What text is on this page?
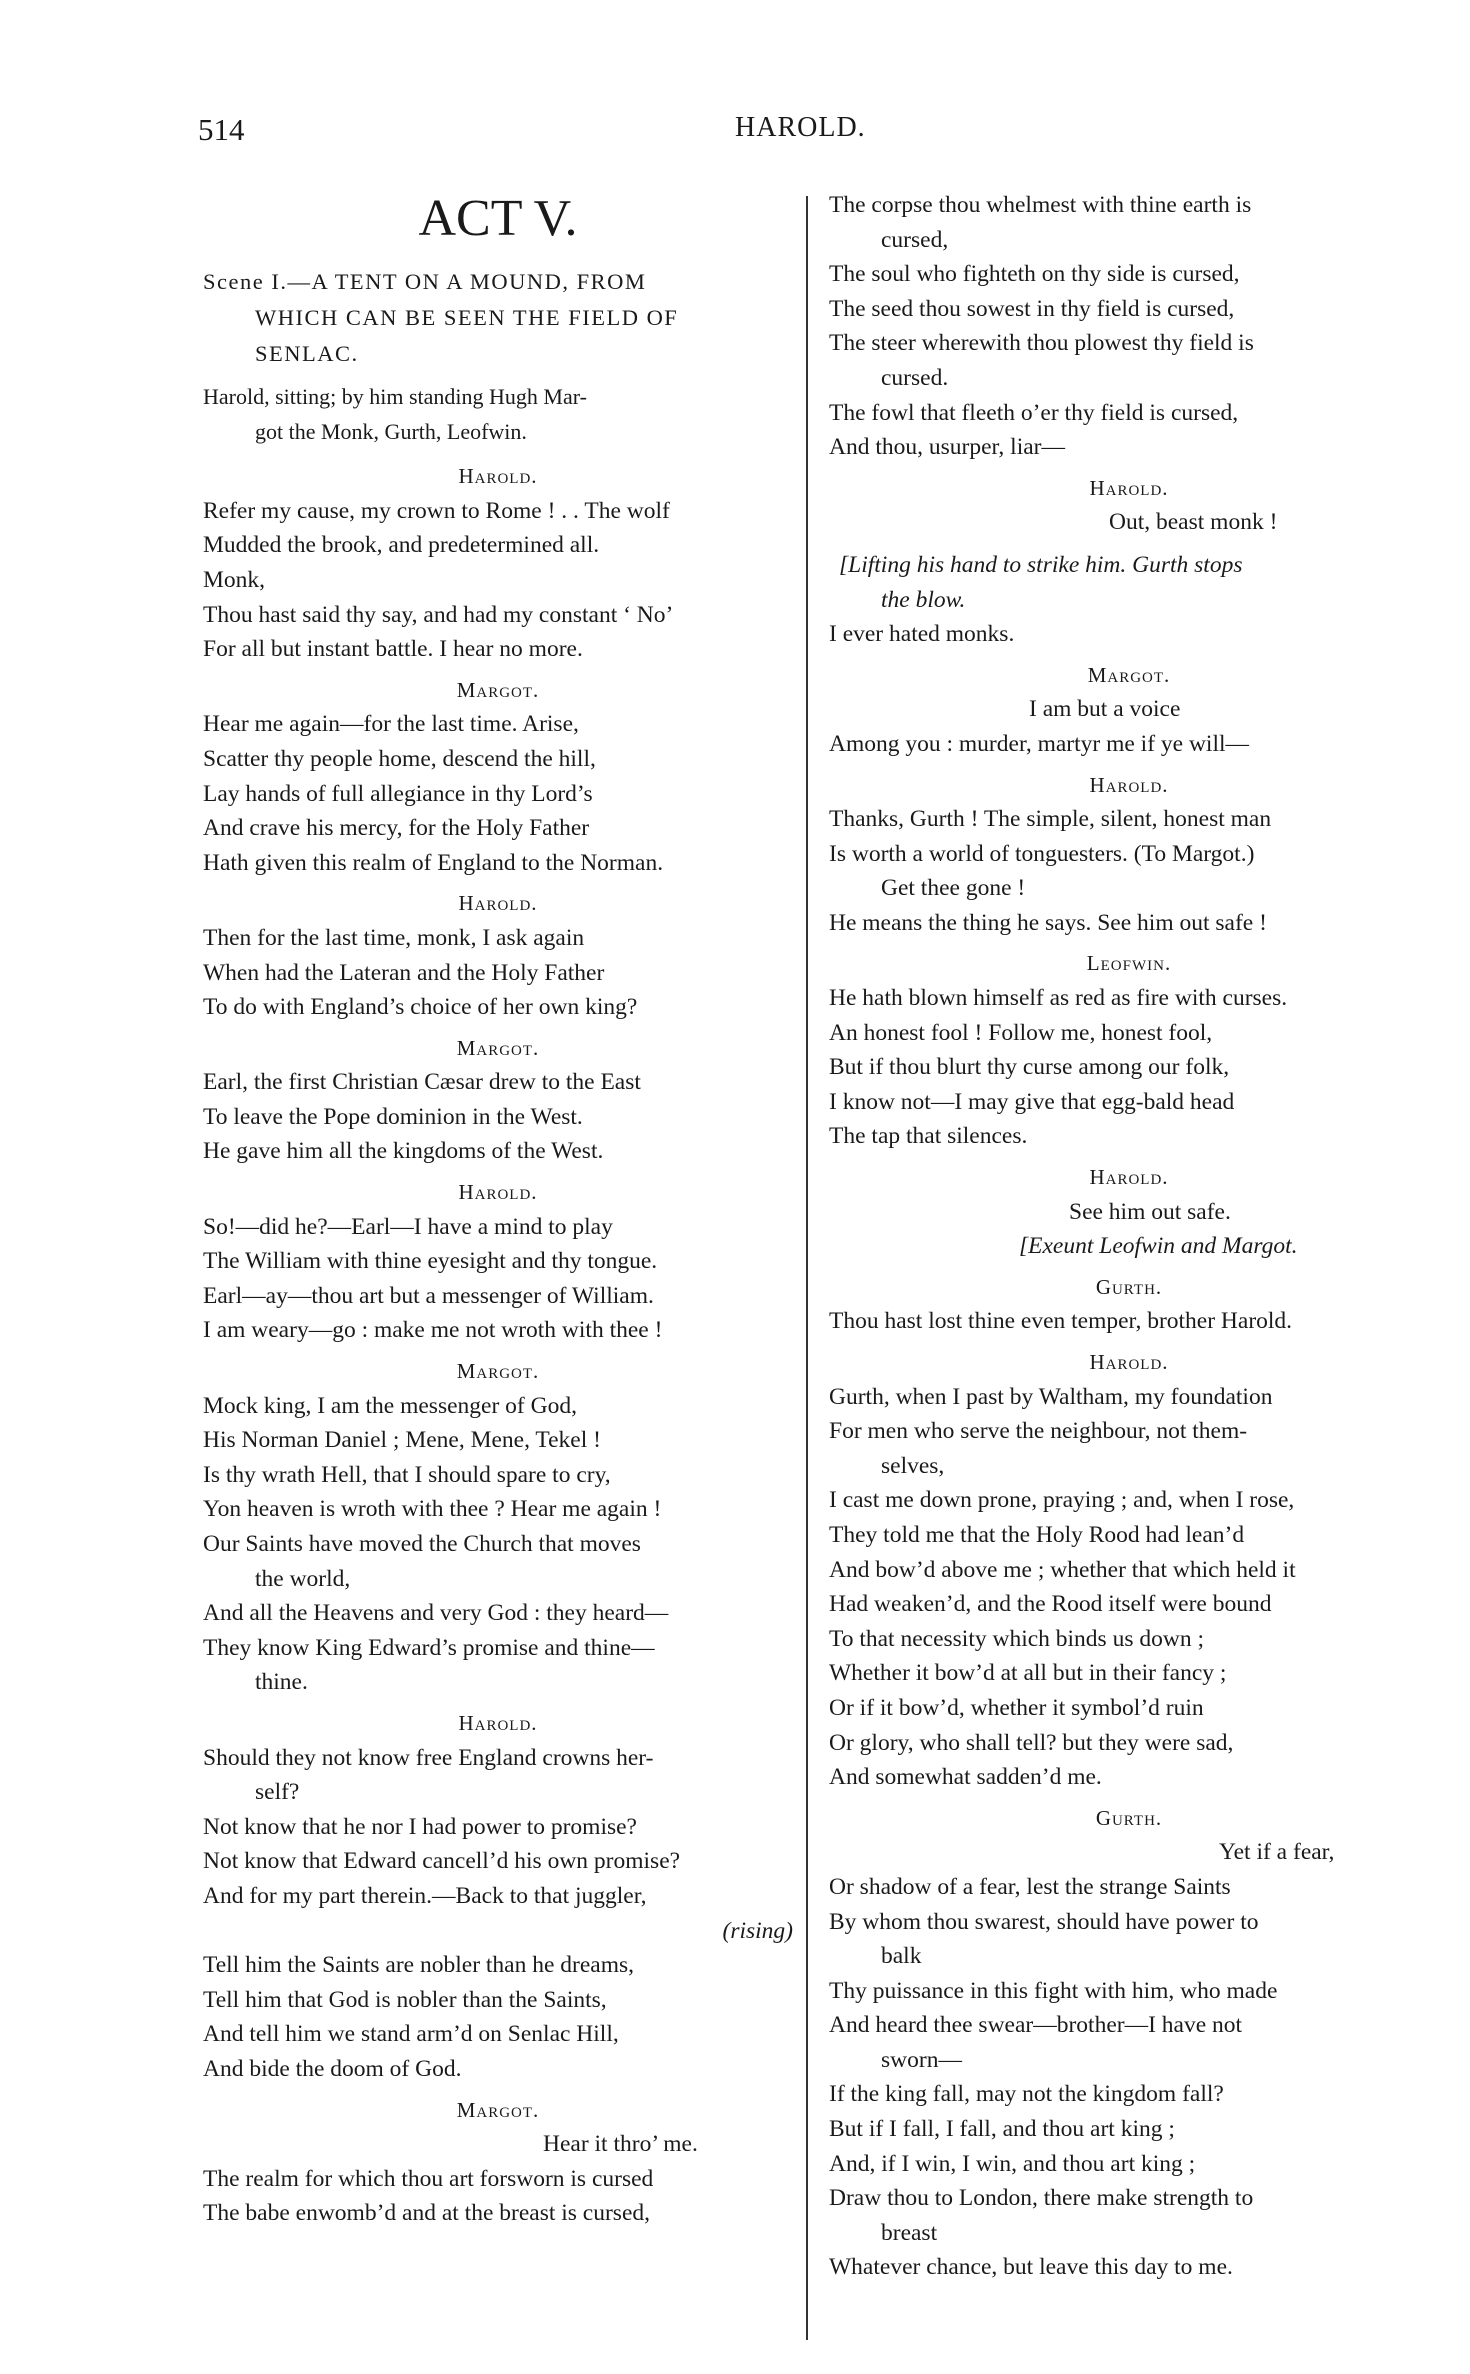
514	HAROLD.
ACT V.
Scene I.—A TENT ON A MOUND, FROM
WHICH CAN BE SEEN THE FIELD OF
SENLAC.
Harold, sitting; by him standing Hugh Mar-
got the Monk, Gurth, Leofwin.
Harold.
Refer my cause, my crown to Rome ! . . The wolf
Mudded the brook, and predetermined all.
Monk,
Thou hast said thy say, and had my constant ‘ No’
For all but instant battle. I hear no more.
Margot.
Hear me again—for the last time. Arise,
Scatter thy people home, descend the hill,
Lay hands of full allegiance in thy Lord’s
And crave his mercy, for the Holy Father
Hath given this realm of England to the Norman.
Harold.
Then for the last time, monk, I ask again
When had the Lateran and the Holy Father
To do with England’s choice of her own king?
Margot.
Earl, the first Christian Cæsar drew to the East
To leave the Pope dominion in the West.
He gave him all the kingdoms of the West.
Harold.
So!—did he?—Earl—I have a mind to play
The William with thine eyesight and thy tongue.
Earl—ay—thou art but a messenger of William.
I am weary—go : make me not wroth with thee !
Margot.
Mock king, I am the messenger of God,
His Norman Daniel ; Mene, Mene, Tekel !
Is thy wrath Hell, that I should spare to cry,
Yon heaven is wroth with thee ? Hear me again !
Our Saints have moved the Church that moves
the world,
And all the Heavens and very God : they heard—
They know King Edward’s promise and thine—
thine.
Harold.
Should they not know free England crowns her-
self?
Not know that he nor I had power to promise?
Not know that Edward cancell’d his own promise?
And for my part therein.—Back to that juggler,
(rising)
Tell him the Saints are nobler than he dreams,
Tell him that God is nobler than the Saints,
And tell him we stand arm’d on Senlac Hill,
And bide the doom of God.
Margot.
Hear it thro’ me.
The realm for which thou art forsworn is cursed
The babe enwomb’d and at the breast is cursed,
The corpse thou whelmest with thine earth is
cursed,
The soul who fighteth on thy side is cursed,
The seed thou sowest in thy field is cursed,
The steer wherewith thou plowest thy field is
cursed.
The fowl that fleeth o’er thy field is cursed,
And thou, usurper, liar—
Harold.
Out, beast monk !
[Lifting his hand to strike him. Gurth stops
the blow.
I ever hated monks.
Margot.
I am but a voice
Among you : murder, martyr me if ye will—
Harold.
Thanks, Gurth ! The simple, silent, honest man
Is worth a world of tonguesters. (To Margot.)
Get thee gone !
He means the thing he says. See him out safe !
Leofwin.
He hath blown himself as red as fire with curses.
An honest fool ! Follow me, honest fool,
But if thou blurt thy curse among our folk,
I know not—I may give that egg-bald head
The tap that silences.
Harold.
See him out safe.
[Exeunt Leofwin and Margot.
Gurth.
Thou hast lost thine even temper, brother Harold.
Harold.
Gurth, when I past by Waltham, my foundation
For men who serve the neighbour, not them-
selves,
I cast me down prone, praying ; and, when I rose,
They told me that the Holy Rood had lean’d
And bow’d above me ; whether that which held it
Had weaken’d, and the Rood itself were bound
To that necessity which binds us down ;
Whether it bow’d at all but in their fancy ;
Or if it bow’d, whether it symbol’d ruin
Or glory, who shall tell? but they were sad,
And somewhat sadden’d me.
Gurth.
Yet if a fear,
Or shadow of a fear, lest the strange Saints
By whom thou swarest, should have power to
balk
Thy puissance in this fight with him, who made
And heard thee swear—brother—I have not
sworn—
If the king fall, may not the kingdom fall?
But if I fall, I fall, and thou art king ;
And, if I win, I win, and thou art king ;
Draw thou to London, there make strength to
breast
Whatever chance, but leave this day to me.
